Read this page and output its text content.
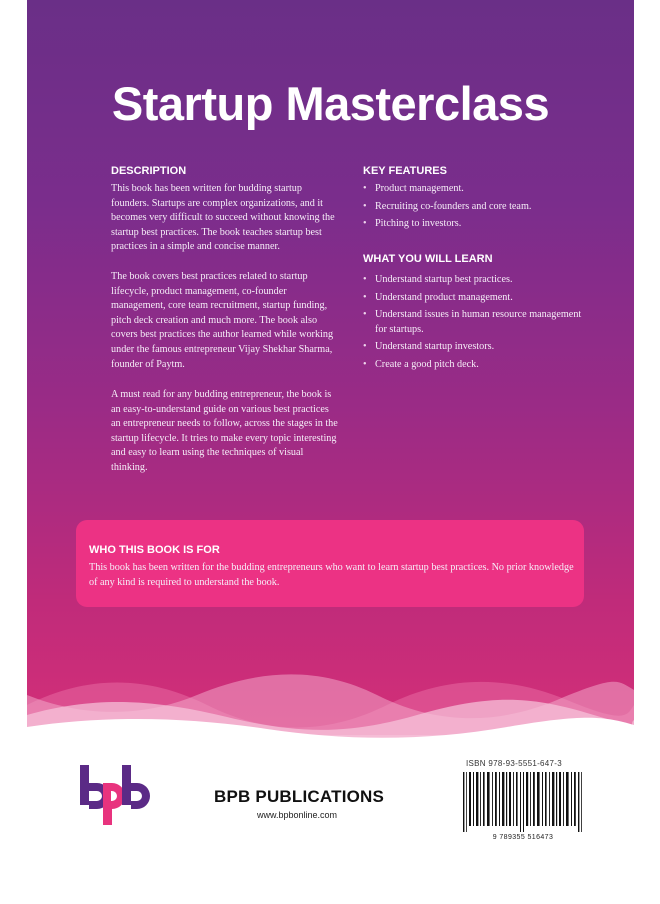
Startup Masterclass
DESCRIPTION

This book has been written for budding startup founders. Startups are complex organizations, and it becomes very difficult to succeed without knowing the startup best practices. The book teaches startup best practices in a simple and concise manner.

The book covers best practices related to startup lifecycle, product management, co-founder management, core team recruitment, startup funding, pitch deck creation and much more. The book also covers best practices the author learned while working under the famous entrepreneur Vijay Shekhar Sharma, founder of Paytm.

A must read for any budding entrepreneur, the book is an easy-to-understand guide on various best practices an entrepreneur needs to follow, across the stages in the startup lifecycle. It tries to make every topic interesting and easy to learn using the techniques of visual thinking.

KEY FEATURES
• Product management.
• Recruiting co-founders and core team.
• Pitching to investors.
WHAT YOU WILL LEARN
• Understand startup best practices.
• Understand product management.
• Understand issues in human resource management for startups.
• Understand startup investors.
• Create a good pitch deck.
WHO THIS BOOK IS FOR

This book has been written for the budding entrepreneurs who want to learn startup best practices. No prior knowledge of any kind is required to understand the book.

BPB PUBLICATIONS

www.bpbonline.com

ISBN 978-93-5551-647-3

9 789355 516473
